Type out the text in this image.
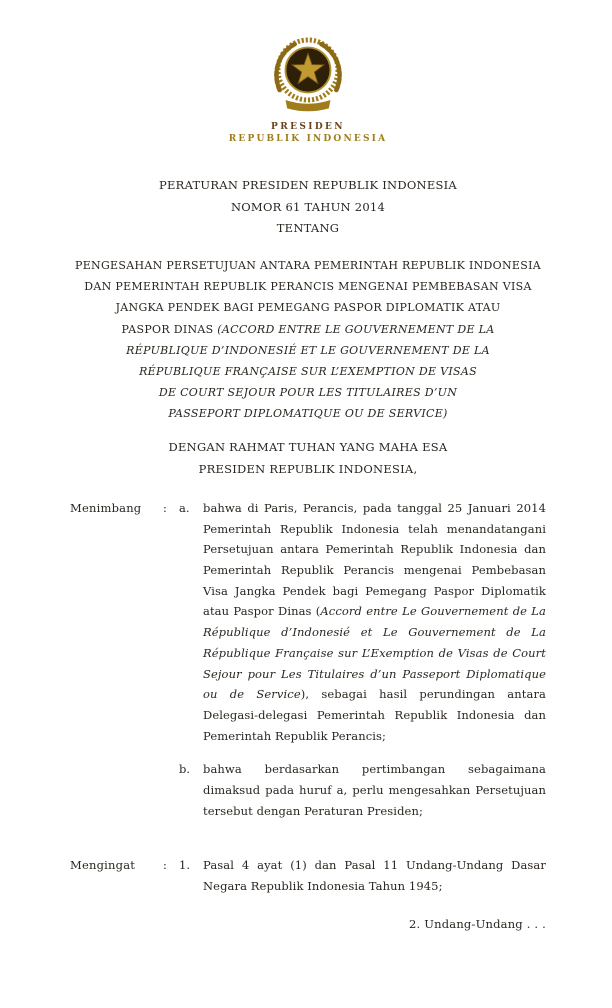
PRESIDEN
REPUBLIK INDONESIA
PERATURAN PRESIDEN REPUBLIK INDONESIA
NOMOR 61 TAHUN 2014
TENTANG
PENGESAHAN PERSETUJUAN ANTARA PEMERINTAH REPUBLIK INDONESIA
DAN PEMERINTAH REPUBLIK PERANCIS MENGENAI PEMBEBASAN VISA
JANGKA PENDEK BAGI PEMEGANG PASPOR DIPLOMATIK ATAU
PASPOR DINAS (ACCORD ENTRE LE GOUVERNEMENT DE LA
RÉPUBLIQUE D’INDONESIÉ ET LE GOUVERNEMENT DE LA
RÉPUBLIQUE FRANÇAISE SUR L’EXEMPTION DE VISAS
DE COURT SEJOUR POUR LES TITULAIRES D’UN
PASSEPORT DIPLOMATIQUE OU DE SERVICE)
DENGAN RAHMAT TUHAN YANG MAHA ESA
PRESIDEN REPUBLIK INDONESIA,
Menimbang	:	a.	bahwa di Paris, Perancis, pada tanggal 25 Januari 2014 Pemerintah Republik Indonesia telah menandatangani Persetujuan antara Pemerintah Republik Indonesia dan Pemerintah Republik Perancis mengenai Pembebasan Visa Jangka Pendek bagi Pemegang Paspor Diplomatik atau Paspor Dinas (Accord entre Le Gouvernement de La République d’Indonesié et Le Gouvernement de La République Française sur L’Exemption de Visas de Court Sejour pour Les Titulaires d’un Passeport Diplomatique ou de Service), sebagai hasil perundingan antara Delegasi-delegasi Pemerintah Republik Indonesia dan Pemerintah Republik Perancis;

b.	bahwa berdasarkan pertimbangan sebagaimana dimaksud pada huruf a, perlu mengesahkan Persetujuan tersebut dengan Peraturan Presiden;

Mengingat	:	1.	Pasal 4 ayat (1) dan Pasal 11 Undang-Undang Dasar Negara Republik Indonesia Tahun 1945;

2. Undang-Undang . . .
